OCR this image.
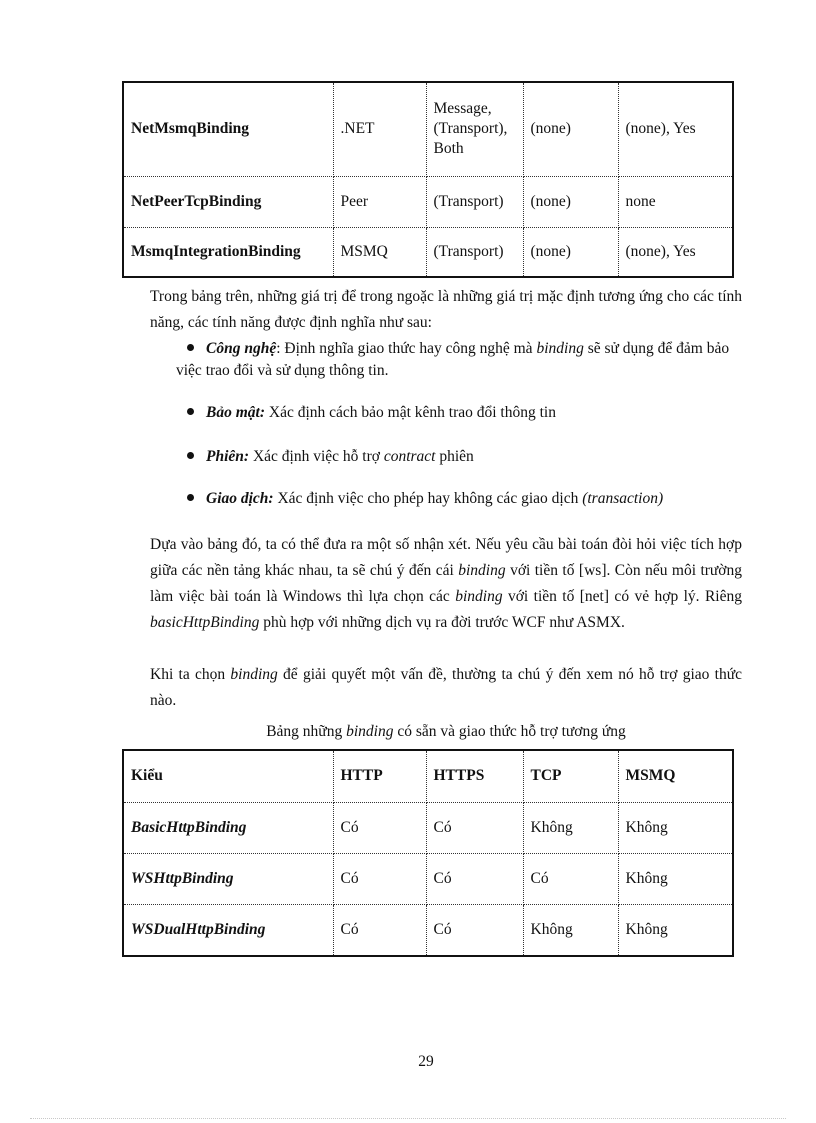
NetMsmqBinding	.NET	Message, (Transport), Both	(none)	(none), Yes
NetPeerTcpBinding	Peer	(Transport)	(none)	none
MsmqIntegrationBinding	MSMQ	(Transport)	(none)	(none), Yes

Trong bảng trên, những giá trị để trong ngoặc là những giá trị mặc định tương ứng cho các tính năng, các tính năng được định nghĩa như sau:

Công nghệ: Định nghĩa giao thức hay công nghệ mà binding sẽ sử dụng để đảm bảo việc trao đổi và sử dụng thông tin.
Bảo mật: Xác định cách bảo mật kênh trao đổi thông tin
Phiên: Xác định việc hỗ trợ contract phiên
Giao dịch: Xác định việc cho phép hay không các giao dịch (transaction)

Dựa vào bảng đó, ta có thể đưa ra một số nhận xét. Nếu yêu cầu bài toán đòi hỏi việc tích hợp giữa các nền tảng khác nhau, ta sẽ chú ý đến cái binding với tiền tố [ws]. Còn nếu môi trường làm việc bài toán là Windows thì lựa chọn các binding với tiền tố [net] có vẻ hợp lý. Riêng basicHttpBinding phù hợp với những dịch vụ ra đời trước WCF như ASMX.

Khi ta chọn binding để giải quyết một vấn đề, thường ta chú ý đến xem nó hỗ trợ giao thức nào.

Bảng những binding có sẵn và giao thức hỗ trợ tương ứng
Kiểu	HTTP	HTTPS	TCP	MSMQ
BasicHttpBinding	Có	Có	Không	Không
WSHttpBinding	Có	Có	Có	Không
WSDualHttpBinding	Có	Có	Không	Không
29
